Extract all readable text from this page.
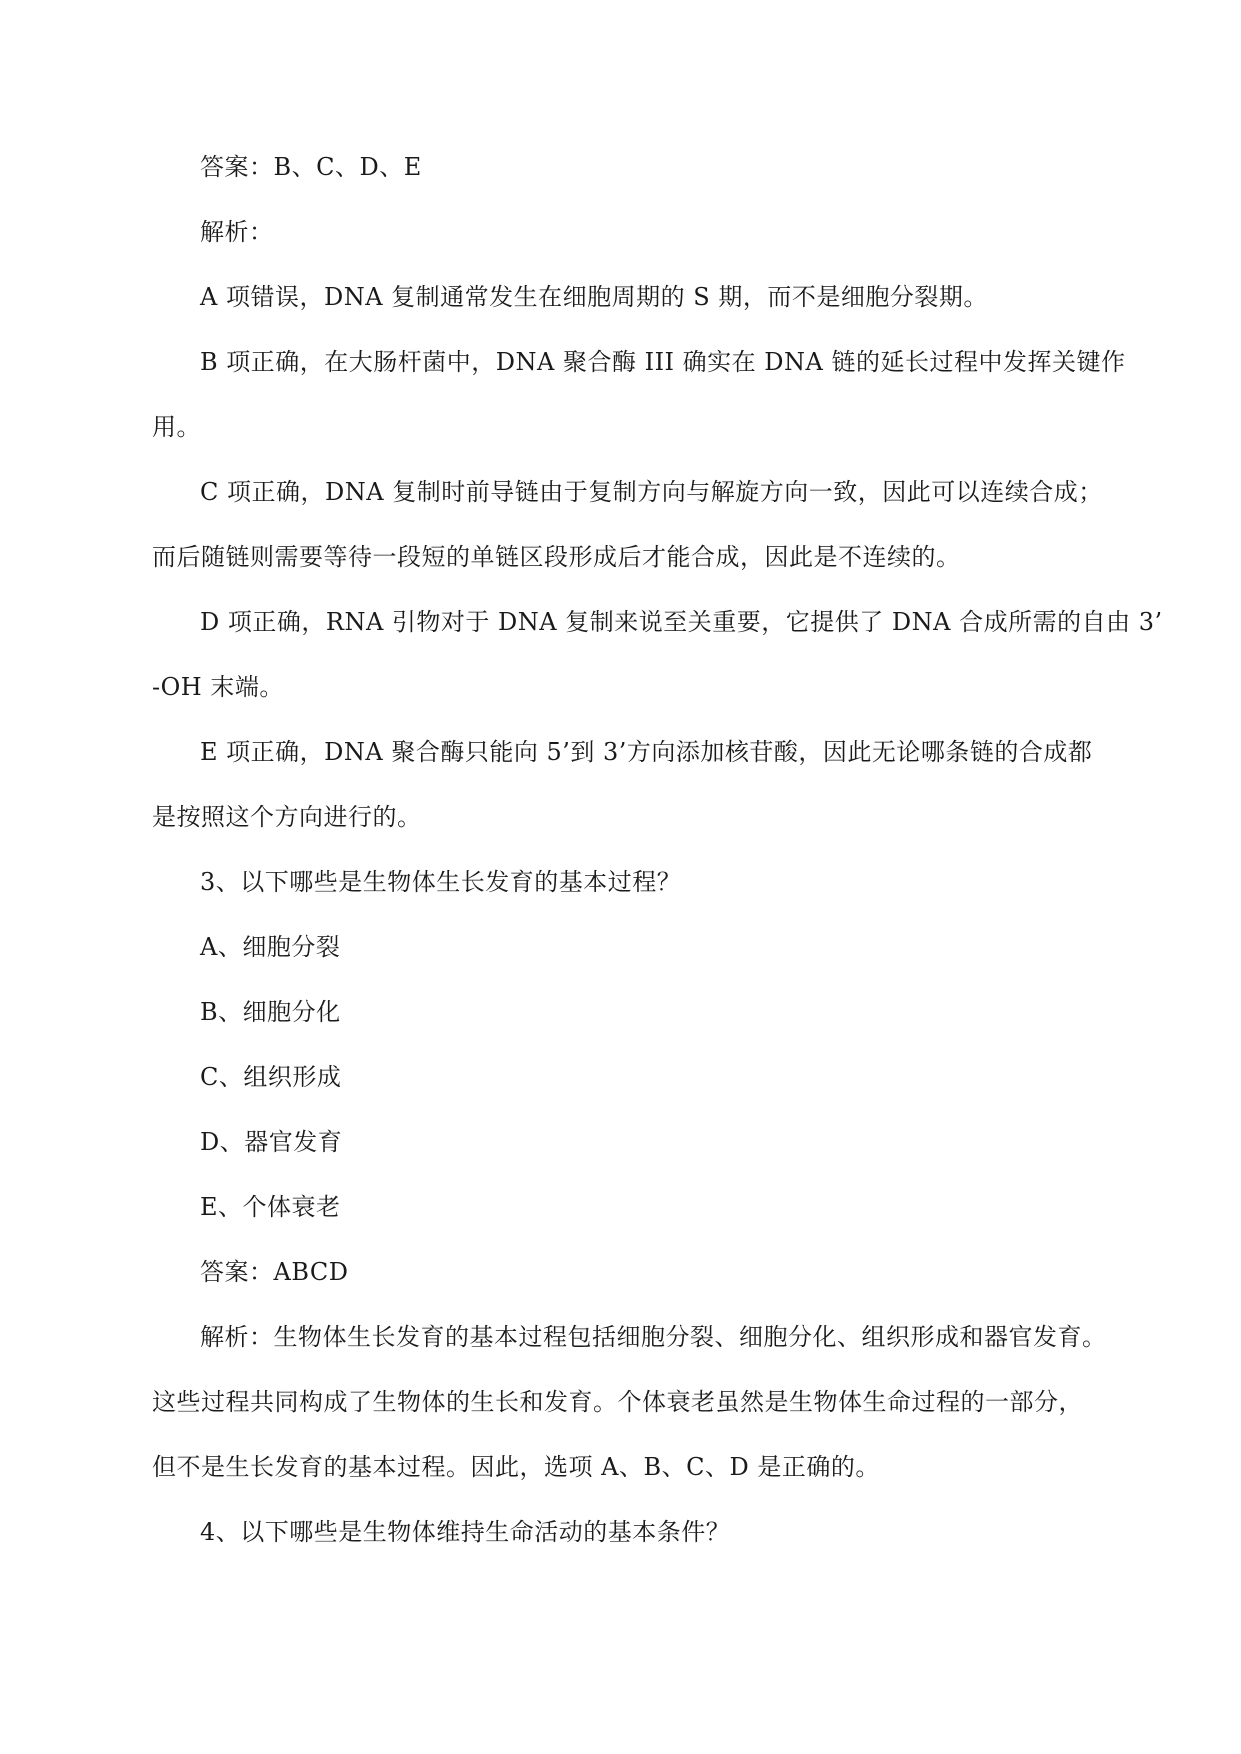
答案：B、C、D、E
解析：
A 项错误，DNA 复制通常发生在细胞周期的 S 期，而不是细胞分裂期。
B 项正确，在大肠杆菌中，DNA 聚合酶 III 确实在 DNA 链的延长过程中发挥关键作
用。
C 项正确，DNA 复制时前导链由于复制方向与解旋方向一致，因此可以连续合成；
而后随链则需要等待一段短的单链区段形成后才能合成，因此是不连续的。
D 项正确，RNA 引物对于 DNA 复制来说至关重要，它提供了 DNA 合成所需的自由 3’
-OH 末端。
E 项正确，DNA 聚合酶只能向 5’到 3’方向添加核苷酸，因此无论哪条链的合成都
是按照这个方向进行的。
3、以下哪些是生物体生长发育的基本过程？
A、细胞分裂
B、细胞分化
C、组织形成
D、器官发育
E、个体衰老
答案：ABCD
解析：生物体生长发育的基本过程包括细胞分裂、细胞分化、组织形成和器官发育。
这些过程共同构成了生物体的生长和发育。个体衰老虽然是生物体生命过程的一部分，
但不是生长发育的基本过程。因此，选项 A、B、C、D 是正确的。
4、以下哪些是生物体维持生命活动的基本条件？
